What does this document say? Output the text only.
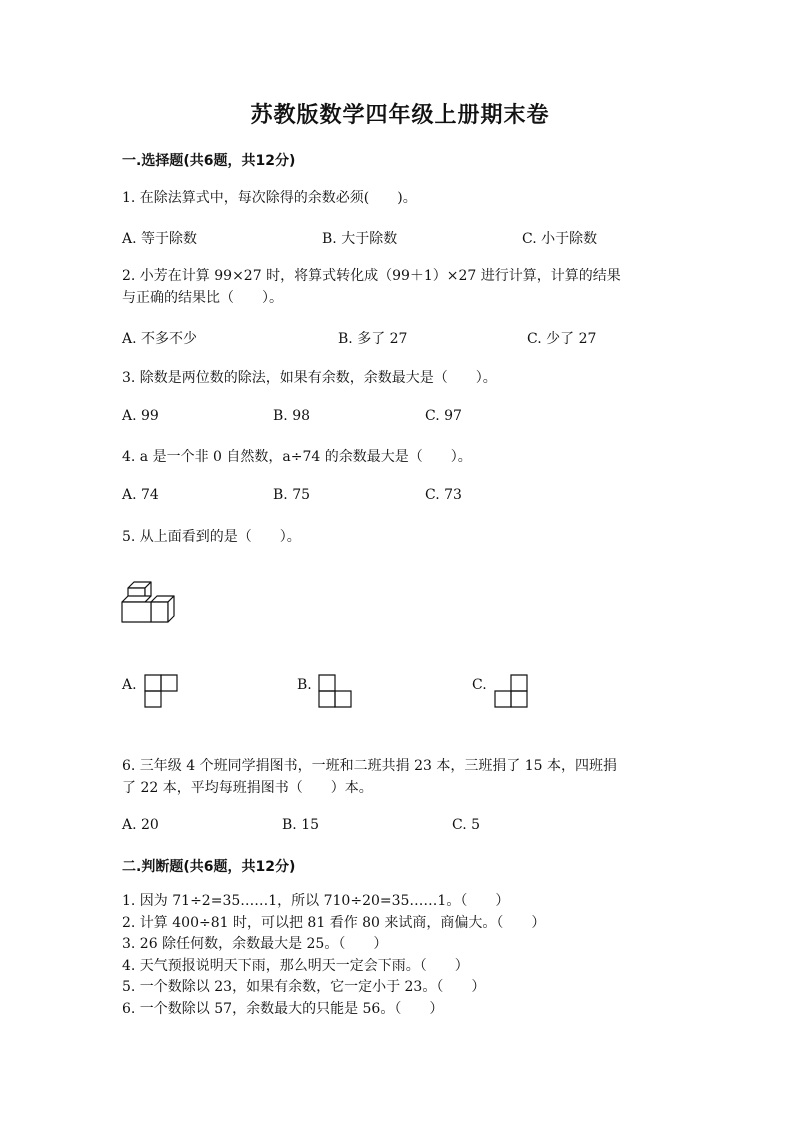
苏教版数学四年级上册期末卷
一.选择题(共6题，共12分)
1. 在除法算式中，每次除得的余数必须(　　)。
A. 等于除数	B. 大于除数	C. 小于除数
2. 小芳在计算 99×27 时，将算式转化成（99＋1）×27 进行计算，计算的结果
与正确的结果比（　　）。
A. 不多不少	B. 多了 27	C. 少了 27
3. 除数是两位数的除法，如果有余数，余数最大是（　　）。
A. 99	B. 98	C. 97
4. a 是一个非 0 自然数，a÷74 的余数最大是（　　）。
A. 74	B. 75	C. 73
5. 从上面看到的是（　　）。
A.	B.	C.
6. 三年级 4 个班同学捐图书，一班和二班共捐 23 本，三班捐了 15 本，四班捐
了 22 本，平均每班捐图书（　　）本。
A. 20	B. 15	C. 5
二.判断题(共6题，共12分)
1. 因为 71÷2=35……1，所以 710÷20=35……1。（　　）
2. 计算 400÷81 时，可以把 81 看作 80 来试商，商偏大。（　　）
3. 26 除任何数，余数最大是 25。（　　）
4. 天气预报说明天下雨，那么明天一定会下雨。（　　）
5. 一个数除以 23，如果有余数，它一定小于 23。（　　）
6. 一个数除以 57，余数最大的只能是 56。（　　）
